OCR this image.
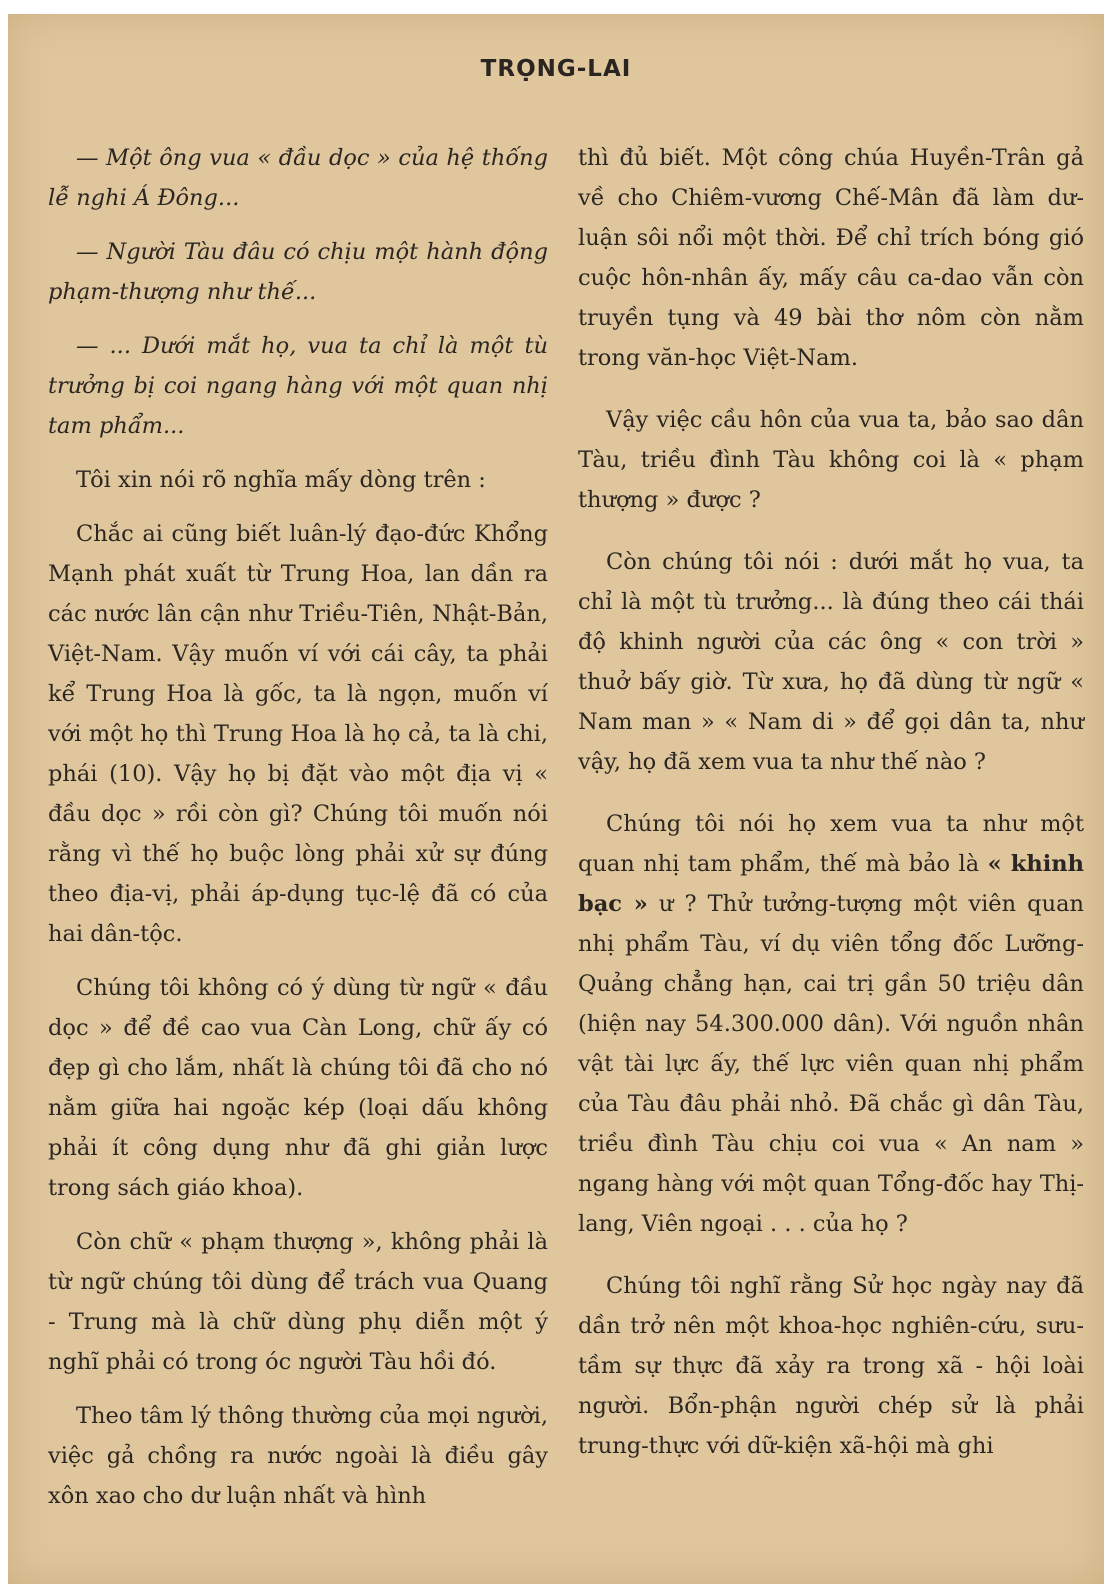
TRỌNG-LAI

— Một ông vua « đầu dọc » của hệ thống lễ nghi Á Đông...

— Người Tàu đâu có chịu một hành động phạm-thượng như thế...

— ... Dưới mắt họ, vua ta chỉ là một tù trưởng bị coi ngang hàng với một quan nhị tam phẩm...

Tôi xin nói rõ nghĩa mấy dòng trên :

Chắc ai cũng biết luân-lý đạo-đức Khổng Mạnh phát xuất từ Trung Hoa, lan dần ra các nước lân cận như Triều-Tiên, Nhật-Bản, Việt-Nam. Vậy muốn ví với cái cây, ta phải kể Trung Hoa là gốc, ta là ngọn, muốn ví với một họ thì Trung Hoa là họ cả, ta là chi, phái (10). Vậy họ bị đặt vào một địa vị « đầu dọc » rồi còn gì? Chúng tôi muốn nói rằng vì thế họ buộc lòng phải xử sự đúng theo địa-vị, phải áp-dụng tục-lệ đã có của hai dân-tộc.

Chúng tôi không có ý dùng từ ngữ « đầu dọc » để đề cao vua Càn Long, chữ ấy có đẹp gì cho lắm, nhất là chúng tôi đã cho nó nằm giữa hai ngoặc kép (loại dấu không phải ít công dụng như đã ghi giản lược trong sách giáo khoa).

Còn chữ « phạm thượng », không phải là từ ngữ chúng tôi dùng để trách vua Quang - Trung mà là chữ dùng phụ diễn một ý nghĩ phải có trong óc người Tàu hồi đó.

Theo tâm lý thông thường của mọi người, việc gả chồng ra nước ngoài là điều gây xôn xao cho dư luận nhất và hình

thì đủ biết. Một công chúa Huyền-Trân gả về cho Chiêm-vương Chế-Mân đã làm dư-luận sôi nổi một thời. Để chỉ trích bóng gió cuộc hôn-nhân ấy, mấy câu ca-dao vẫn còn truyền tụng và 49 bài thơ nôm còn nằm trong văn-học Việt-Nam.

Vậy việc cầu hôn của vua ta, bảo sao dân Tàu, triều đình Tàu không coi là « phạm thượng » được ?

Còn chúng tôi nói : dưới mắt họ vua, ta chỉ là một tù trưởng... là đúng theo cái thái độ khinh người của các ông « con trời » thuở bấy giờ. Từ xưa, họ đã dùng từ ngữ « Nam man » « Nam di » để gọi dân ta, như vậy, họ đã xem vua ta như thế nào ?

Chúng tôi nói họ xem vua ta như một quan nhị tam phẩm, thế mà bảo là « khinh bạc » ư ? Thử tưởng-tượng một viên quan nhị phẩm Tàu, ví dụ viên tổng đốc Lưỡng-Quảng chẳng hạn, cai trị gần 50 triệu dân (hiện nay 54.300.000 dân). Với nguồn nhân vật tài lực ấy, thế lực viên quan nhị phẩm của Tàu đâu phải nhỏ. Đã chắc gì dân Tàu, triều đình Tàu chịu coi vua « An nam » ngang hàng với một quan Tổng-đốc hay Thị-lang, Viên ngoại . . . của họ ?

Chúng tôi nghĩ rằng Sử học ngày nay đã dần trở nên một khoa-học nghiên-cứu, sưu-tầm sự thực đã xảy ra trong xã - hội loài người. Bổn-phận người chép sử là phải trung-thực với dữ-kiện xã-hội mà ghi
